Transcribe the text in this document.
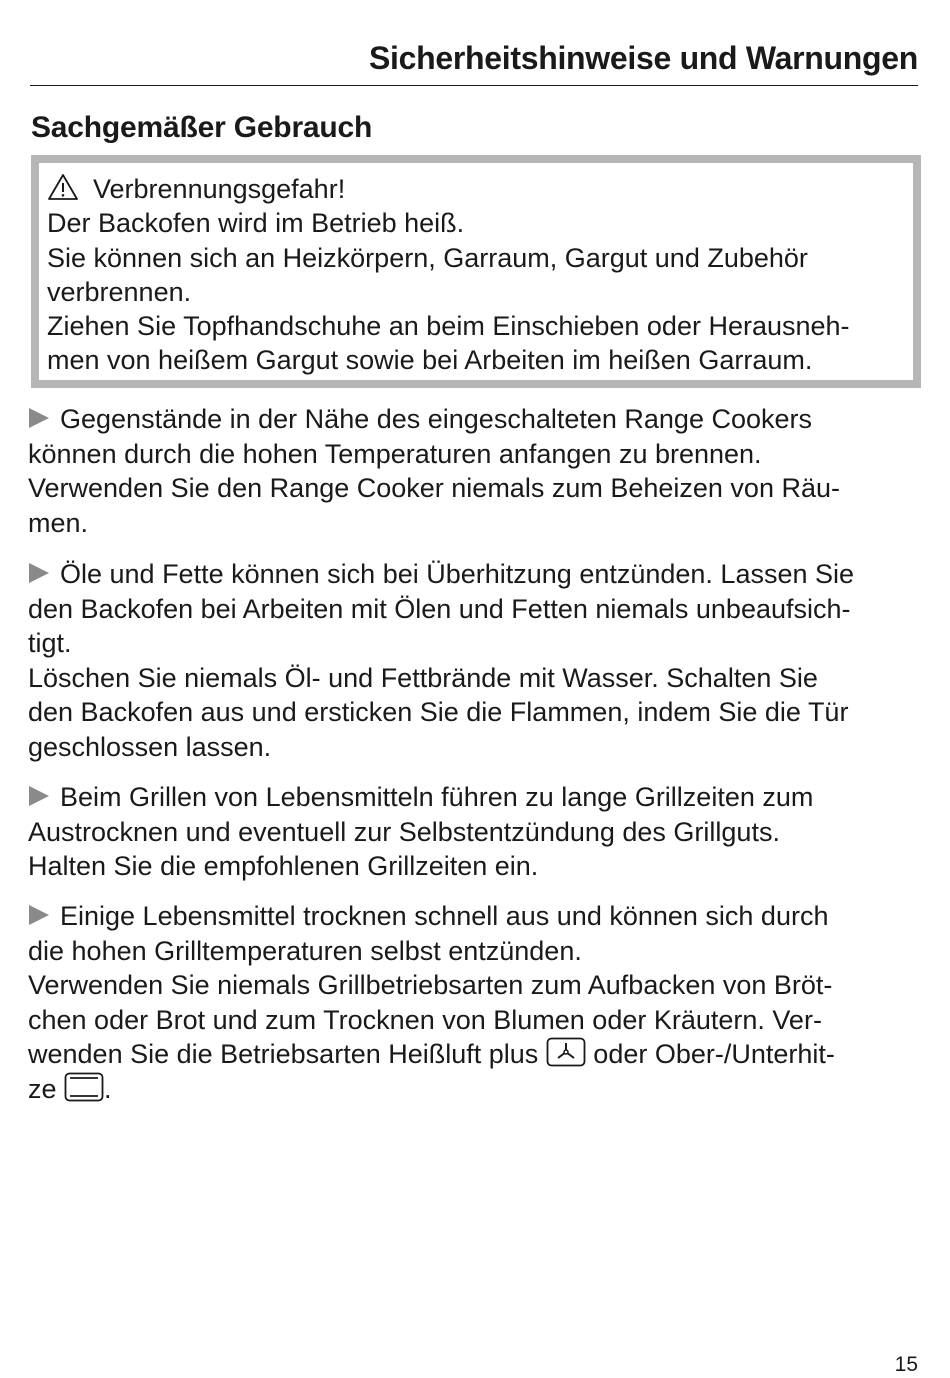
Sicherheitshinweise und Warnungen
Sachgemäßer Gebrauch
Verbrennungsgefahr!
Der Backofen wird im Betrieb heiß.
Sie können sich an Heizkörpern, Garraum, Gargut und Zubehör
verbrennen.
Ziehen Sie Topfhandschuhe an beim Einschieben oder Herausneh-
men von heißem Gargut sowie bei Arbeiten im heißen Garraum.
Gegenstände in der Nähe des eingeschalteten Range Cookers
können durch die hohen Temperaturen anfangen zu brennen.
Verwenden Sie den Range Cooker niemals zum Beheizen von Räu-
men.
Öle und Fette können sich bei Überhitzung entzünden. Lassen Sie
den Backofen bei Arbeiten mit Ölen und Fetten niemals unbeaufsich-
tigt.
Löschen Sie niemals Öl- und Fettbrände mit Wasser. Schalten Sie
den Backofen aus und ersticken Sie die Flammen, indem Sie die Tür
geschlossen lassen.
Beim Grillen von Lebensmitteln führen zu lange Grillzeiten zum
Austrocknen und eventuell zur Selbstentzündung des Grillguts.
Halten Sie die empfohlenen Grillzeiten ein.
Einige Lebensmittel trocknen schnell aus und können sich durch
die hohen Grilltemperaturen selbst entzünden.
Verwenden Sie niemals Grillbetriebsarten zum Aufbacken von Bröt-
chen oder Brot und zum Trocknen von Blumen oder Kräutern. Ver-
wenden Sie die Betriebsarten Heißluft plus  oder Ober-/Unterhit-
ze .
15
